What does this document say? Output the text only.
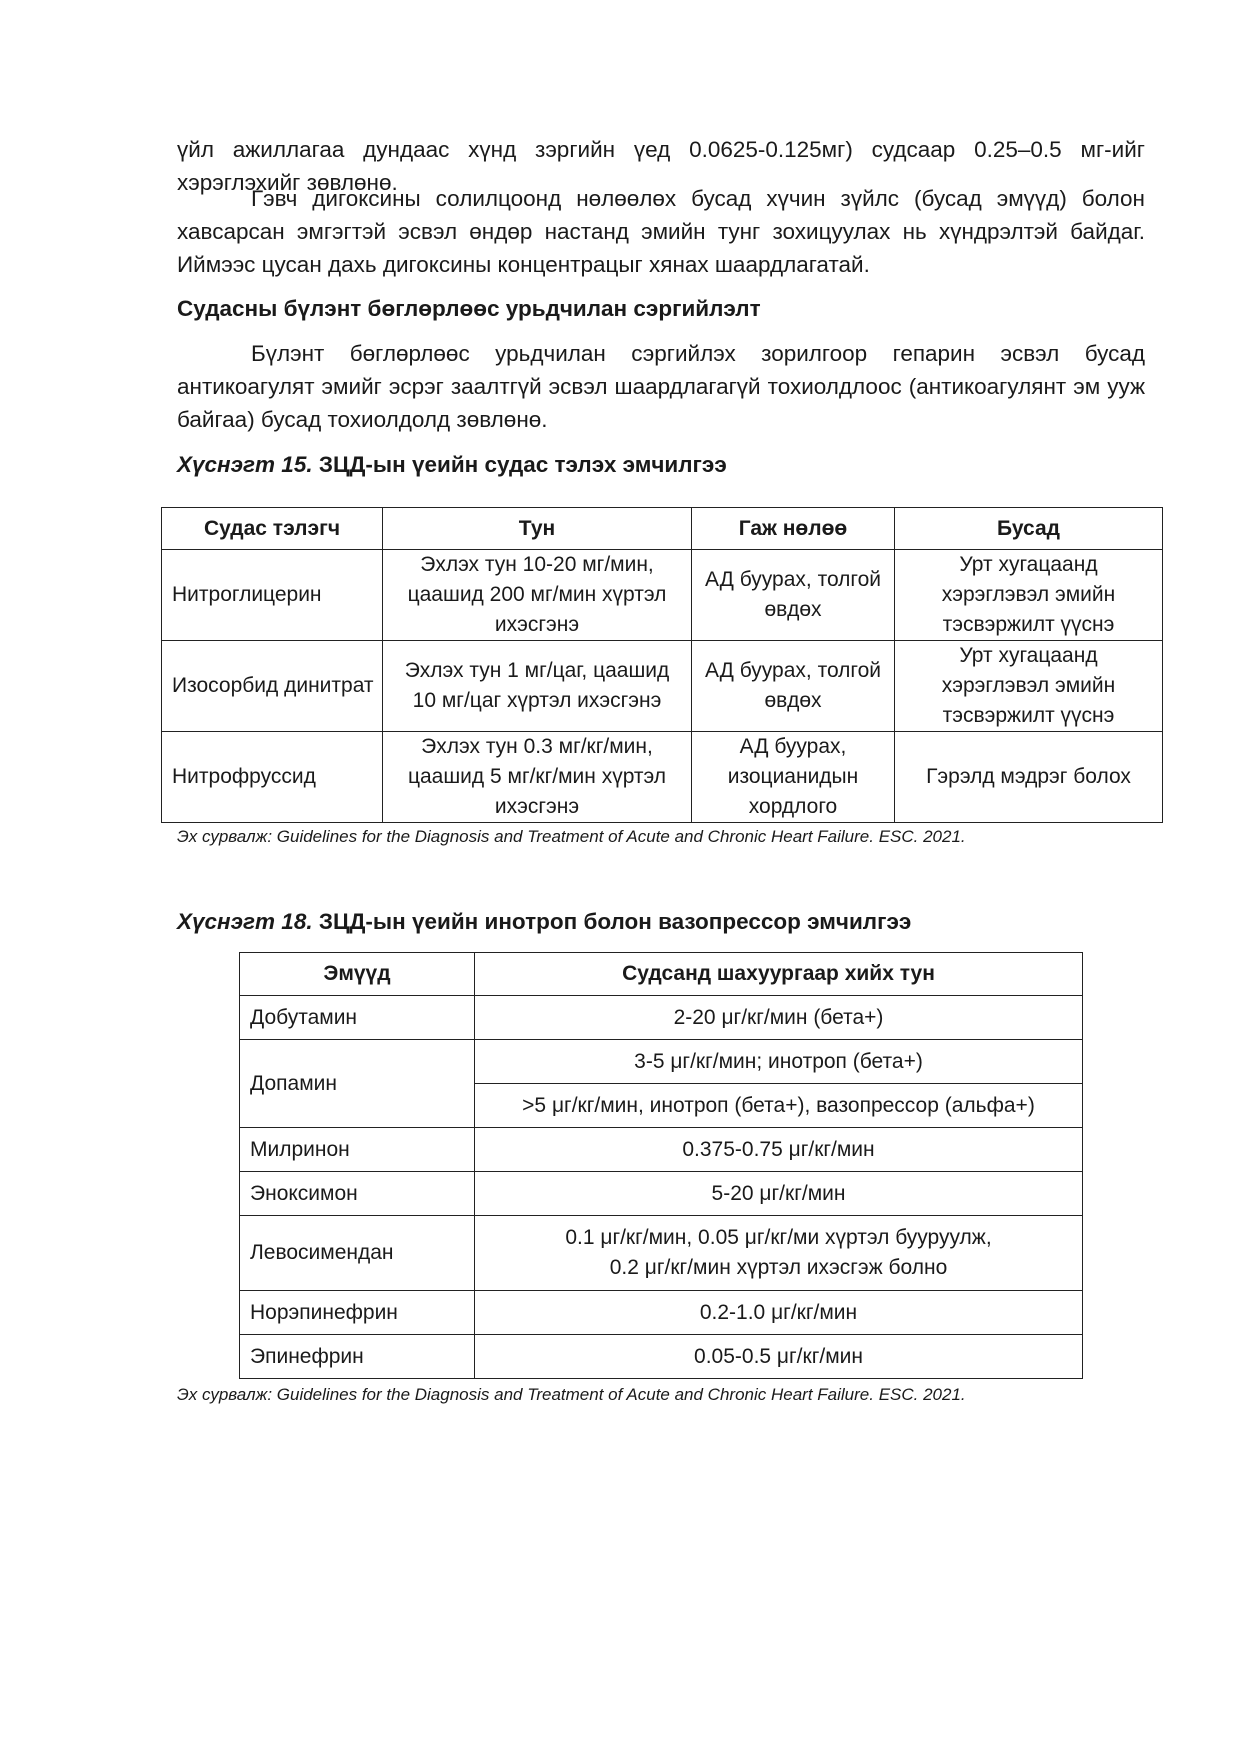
үйл ажиллагаа дундаас хүнд зэргийн үед 0.0625-0.125мг) судсаар 0.25–0.5 мг-ийг хэрэглэхийг зөвлөнө.

Гэвч дигоксины солилцоонд нөлөөлөх бусад хүчин зүйлс (бусад эмүүд) болон хавсарсан эмгэгтэй эсвэл өндөр настанд эмийн тунг зохицуулах нь хүндрэлтэй байдаг. Иймээс цусан дахь дигоксины концентрацыг хянах шаардлагатай.

Судасны бүлэнт бөглөрлөөс урьдчилан сэргийлэлт

Бүлэнт бөглөрлөөс урьдчилан сэргийлэх зорилгоор гепарин эсвэл бусад антикоагулят эмийг эсрэг заалтгүй эсвэл шаардлагагүй тохиолдлоос (антикоагулянт эм ууж байгаа) бусад тохиолдолд зөвлөнө.

Хүснэгт 15. ЗЦД-ын үеийн судас тэлэх эмчилгээ
Судас тэлэгч	Тун	Гаж нөлөө	Бусад
Нитроглицерин	Эхлэх тун 10-20 мг/мин, цаашид 200 мг/мин хүртэл ихэсгэнэ	АД буурах, толгой өвдөх	Урт хугацаанд хэрэглэвэл эмийн тэсвэржилт үүснэ
Изосорбид динитрат	Эхлэх тун 1 мг/цаг, цаашид 10 мг/цаг хүртэл ихэсгэнэ	АД буурах, толгой өвдөх	Урт хугацаанд хэрэглэвэл эмийн тэсвэржилт үүснэ
Нитрофруссид	Эхлэх тун 0.3 мг/кг/мин, цаашид 5 мг/кг/мин хүртэл ихэсгэнэ	АД буурах, изоцианидын хордлого	Гэрэлд мэдрэг болох
Эх сурвалж: Guidelines for the Diagnosis and Treatment of Acute and Chronic Heart Failure. ESC. 2021.
Хүснэгт 18. ЗЦД-ын үеийн инотроп болон вазопрессор эмчилгээ
Эмүүд	Судсанд шахуургаар хийх тун
Добутамин	2-20 μг/кг/мин (бета+)
Допамин	3-5 μг/кг/мин; инотроп (бета+)
	>5 μг/кг/мин, инотроп (бета+), вазопрессор (альфа+)
Милринон	0.375-0.75 μг/кг/мин
Эноксимон	5-20 μг/кг/мин
Левосимендан	0.1 μг/кг/мин, 0.05 μг/кг/ми хүртэл бууруулж,
0.2 μг/кг/мин хүртэл ихэсгэж болно

Норэпинефрин	0.2-1.0 μг/кг/мин
Эпинефрин	0.05-0.5 μг/кг/мин
Эх сурвалж: Guidelines for the Diagnosis and Treatment of Acute and Chronic Heart Failure. ESC. 2021.
